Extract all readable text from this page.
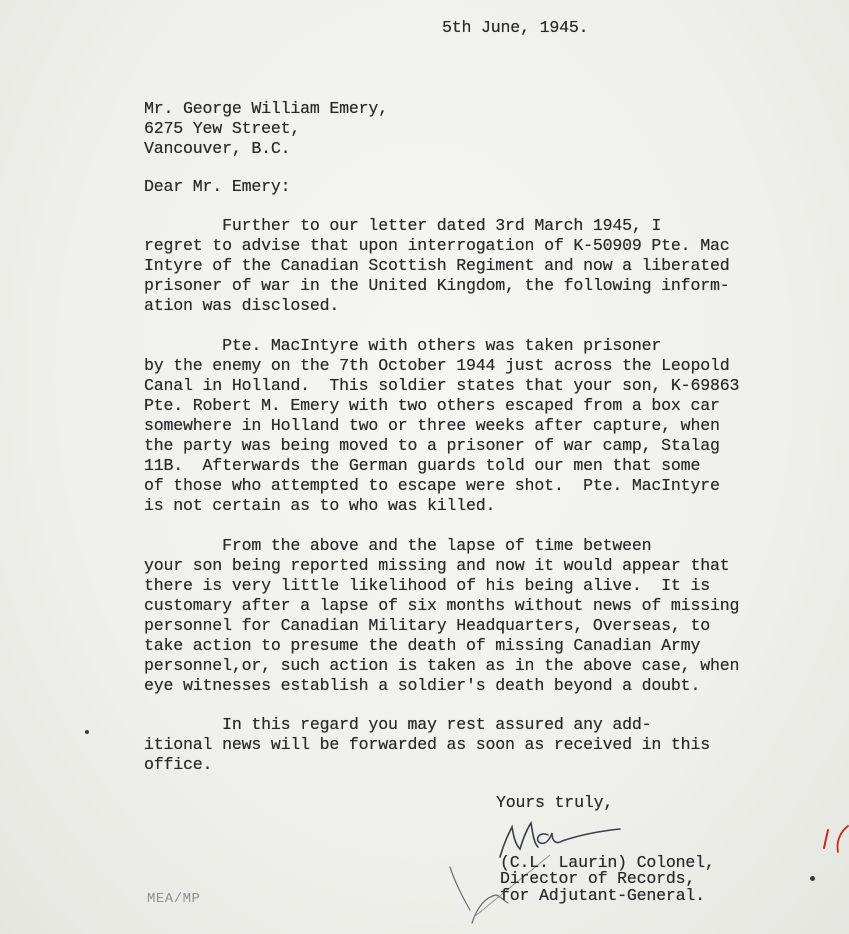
5th June, 1945.
Mr. George William Emery,
6275 Yew Street,
Vancouver, B.C.
Dear Mr. Emery:
Further to our letter dated 3rd March 1945, I
regret to advise that upon interrogation of K-50909 Pte. Mac
Intyre of the Canadian Scottish Regiment and now a liberated
prisoner of war in the United Kingdom, the following inform-
ation was disclosed.
Pte. MacIntyre with others was taken prisoner
by the enemy on the 7th October 1944 just across the Leopold
Canal in Holland.  This soldier states that your son, K-69863
Pte. Robert M. Emery with two others escaped from a box car
somewhere in Holland two or three weeks after capture, when
the party was being moved to a prisoner of war camp, Stalag
11B.  Afterwards the German guards told our men that some
of those who attempted to escape were shot.  Pte. MacIntyre
is not certain as to who was killed.
From the above and the lapse of time between
your son being reported missing and now it would appear that
there is very little likelihood of his being alive.  It is
customary after a lapse of six months without news of missing
personnel for Canadian Military Headquarters, Overseas, to
take action to presume the death of missing Canadian Army
personnel,or, such action is taken as in the above case, when
eye witnesses establish a soldier's death beyond a doubt.
In this regard you may rest assured any add-
itional news will be forwarded as soon as received in this
office.
Yours truly,
(C.L. Laurin) Colonel,
Director of Records,
for Adjutant-General.
MEA/MP
